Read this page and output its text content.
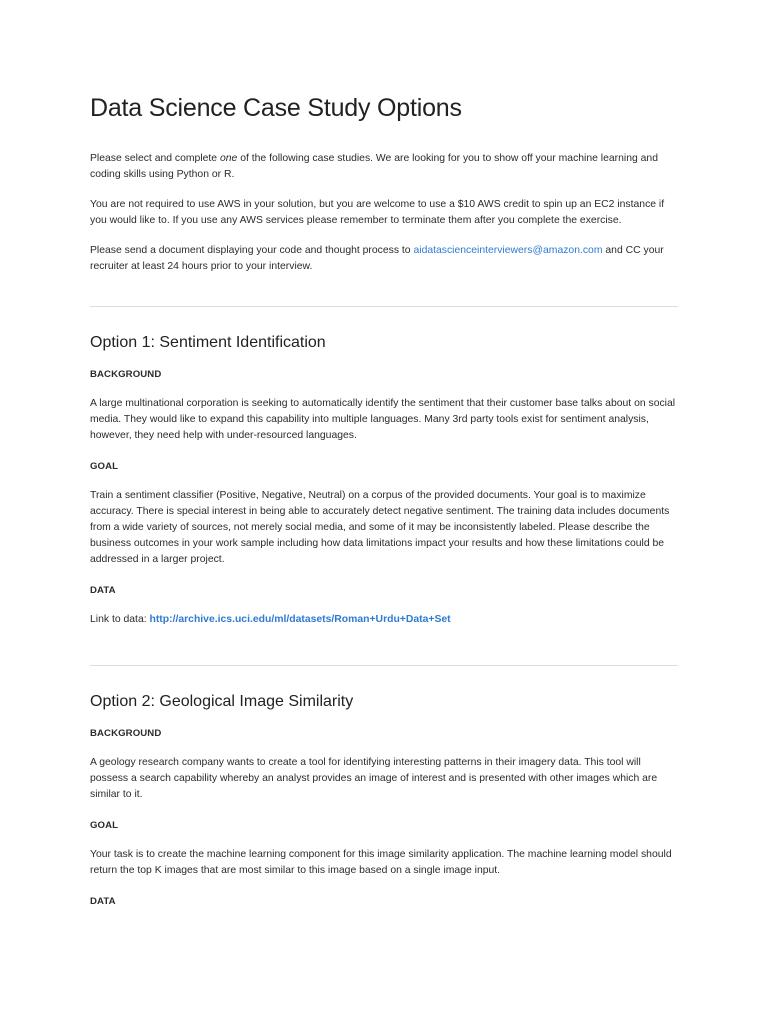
Data Science Case Study Options

Please select and complete one of the following case studies. We are looking for you to show off your machine learning and coding skills using Python or R.

You are not required to use AWS in your solution, but you are welcome to use a $10 AWS credit to spin up an EC2 instance if you would like to. If you use any AWS services please remember to terminate them after you complete the exercise.

Please send a document displaying your code and thought process to aidatascienceinterviewers@amazon.com and CC your recruiter at least 24 hours prior to your interview.

Option 1: Sentiment Identification
BACKGROUND

A large multinational corporation is seeking to automatically identify the sentiment that their customer base talks about on social media. They would like to expand this capability into multiple languages. Many 3rd party tools exist for sentiment analysis, however, they need help with under-resourced languages.

GOAL

Train a sentiment classifier (Positive, Negative, Neutral) on a corpus of the provided documents. Your goal is to maximize accuracy. There is special interest in being able to accurately detect negative sentiment. The training data includes documents from a wide variety of sources, not merely social media, and some of it may be inconsistently labeled. Please describe the business outcomes in your work sample including how data limitations impact your results and how these limitations could be addressed in a larger project.

DATA

Link to data: http://archive.ics.uci.edu/ml/datasets/Roman+Urdu+Data+Set

Option 2: Geological Image Similarity
BACKGROUND

A geology research company wants to create a tool for identifying interesting patterns in their imagery data. This tool will possess a search capability whereby an analyst provides an image of interest and is presented with other images which are similar to it.

GOAL

Your task is to create the machine learning component for this image similarity application. The machine learning model should return the top K images that are most similar to this image based on a single image input.

DATA
